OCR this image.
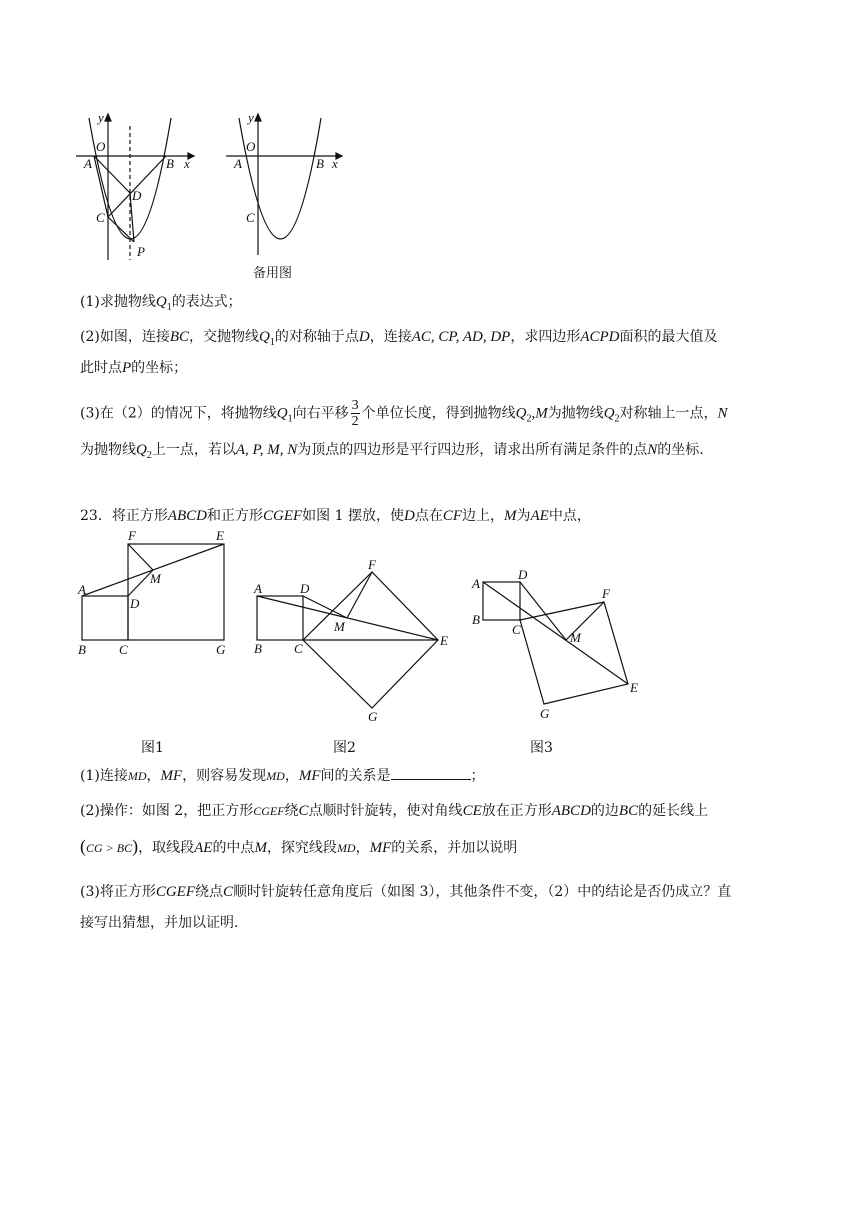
y
x
O
A	B
C
D
P
y
x
O
A	B
C
备用图
(1)求抛物线$Q_1$的表达式；
(2)如图，连接BC，交抛物线$Q_1$的对称轴于点D，连接AC, CP, AD, DP，求四边形ACPD面积的最大值及
此时点P的坐标；
(3)在（2）的情况下，将抛物线$Q_1$向右平移 $\frac{3}{2}$ 个单位长度，得到抛物线$Q_2,M$为抛物线$Q_2$对称轴上一点，N
为抛物线$Q_2$上一点，若以A, P, M, N为顶点的四边形是平行四边形，请求出所有满足条件的点N的坐标.
23．将正方形ABCD和正方形CGEF如图 1 摆放，使D点在CF边上，M为AE中点，
F	E
M
A
D
B	C	G
A	D
F
M
E
B C
G
A
D
B
C
F
M
E
G
图1	图2	图3
(1)连接MD，MF，则容易发现MD，MF间的关系是	；
(2)操作：如图 2，把正方形CGEF绕C点顺时针旋转，使对角线CE放在正方形ABCD的边BC的延长线上
(CG > BC)，取线段AE的中点M，探究线段MD，MF的关系，并加以说明
(3)将正方形CGEF绕点C顺时针旋转任意角度后（如图 3），其他条件不变，（2）中的结论是否仍成立？直
接写出猜想，并加以证明.
